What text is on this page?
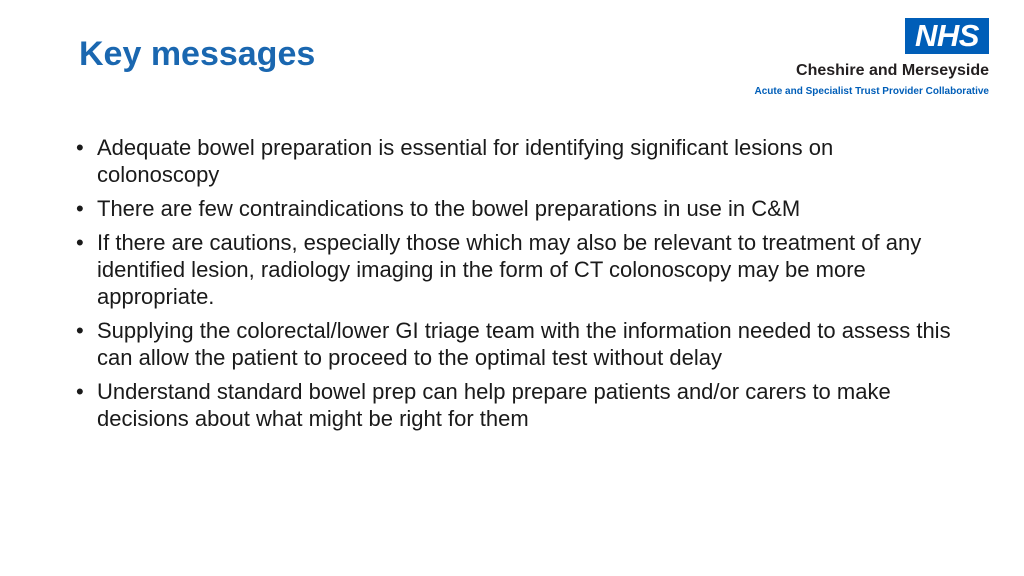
Key messages	NHS
Cheshire and Merseyside
Acute and Specialist Trust Provider Collaborative
• Adequate bowel preparation is essential for identifying significant lesions on colonoscopy
• There are few contraindications to the bowel preparations in use in C&M
• If there are cautions, especially those which may also be relevant to treatment of any identified lesion, radiology imaging in the form of CT colonoscopy may be more appropriate.
• Supplying the colorectal/lower GI triage team with the information needed to assess this can allow the patient to proceed to the optimal test without delay
• Understand standard bowel prep can help prepare patients and/or carers to make decisions about what might be right for them
